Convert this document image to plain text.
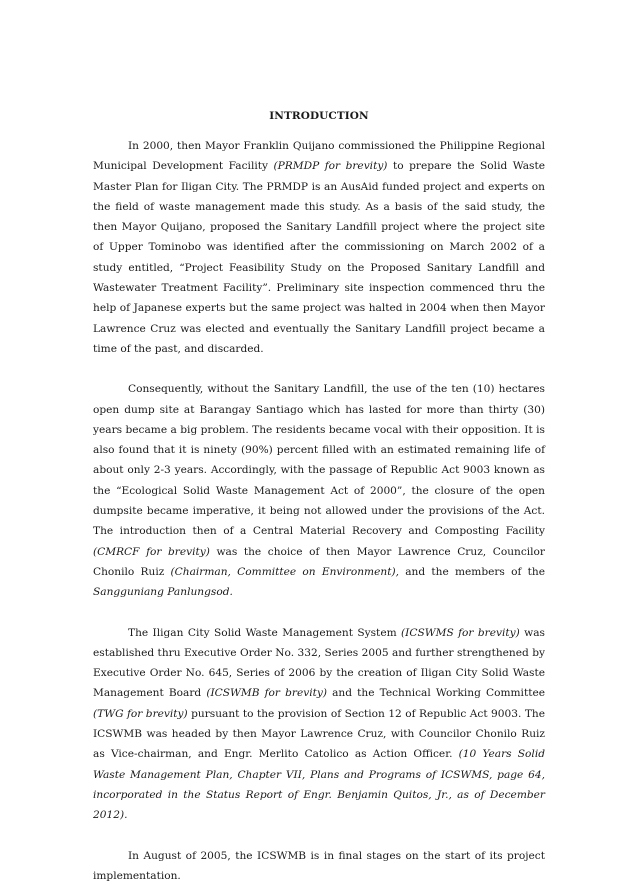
INTRODUCTION

In 2000, then Mayor Franklin Quijano commissioned the Philippine Regional Municipal Development Facility (PRMDP for brevity) to prepare the Solid Waste Master Plan for Iligan City. The PRMDP is an AusAid funded project and experts on the field of waste management made this study. As a basis of the said study, the then Mayor Quijano, proposed the Sanitary Landfill project where the project site of Upper Tominobo was identified after the commissioning on March 2002 of a study entitled, “Project Feasibility Study on the Proposed Sanitary Landfill and Wastewater Treatment Facility”. Preliminary site inspection commenced thru the help of Japanese experts but the same project was halted in 2004 when then Mayor Lawrence Cruz was elected and eventually the Sanitary Landfill project became a time of the past, and discarded.

Consequently, without the Sanitary Landfill, the use of the ten (10) hectares open dump site at Barangay Santiago which has lasted for more than thirty (30) years became a big problem. The residents became vocal with their opposition. It is also found that it is ninety (90%) percent filled with an estimated remaining life of about only 2-3 years. Accordingly, with the passage of Republic Act 9003 known as the “Ecological Solid Waste Management Act of 2000”, the closure of the open dumpsite became imperative, it being not allowed under the provisions of the Act. The introduction then of a Central Material Recovery and Composting Facility (CMRCF for brevity) was the choice of then Mayor Lawrence Cruz, Councilor Chonilo Ruiz (Chairman, Committee on Environment), and the members of the Sangguniang Panlungsod.

The Iligan City Solid Waste Management System (ICSWMS for brevity) was established thru Executive Order No. 332, Series 2005 and further strengthened by Executive Order No. 645, Series of 2006 by the creation of Iligan City Solid Waste Management Board (ICSWMB for brevity) and the Technical Working Committee (TWG for brevity) pursuant to the provision of Section 12 of Republic Act 9003. The ICSWMB was headed by then Mayor Lawrence Cruz, with Councilor Chonilo Ruiz as Vice-chairman, and Engr. Merlito Catolico as Action Officer. (10 Years Solid Waste Management Plan, Chapter VII, Plans and Programs of ICSWMS, page 64, incorporated in the Status Report of Engr. Benjamin Quitos, Jr., as of December 2012).

In August of 2005, the ICSWMB is in final stages on the start of its project implementation.
